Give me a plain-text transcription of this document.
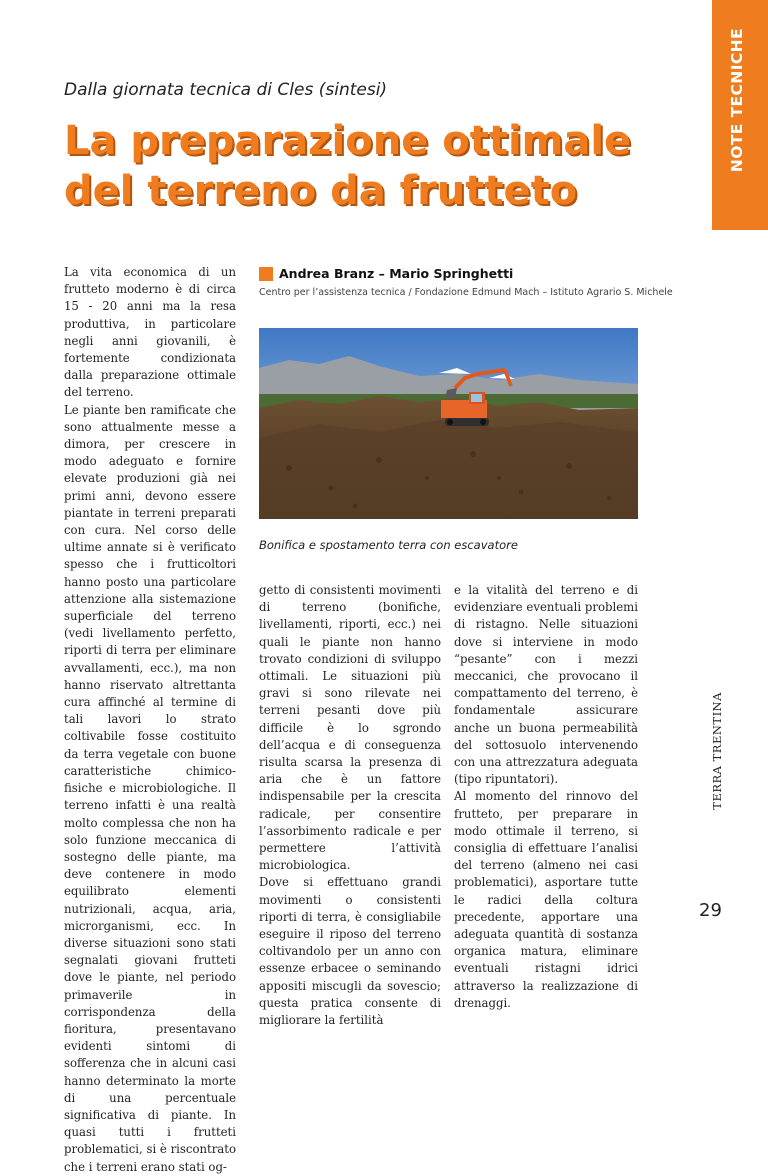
NOTE TECNICHE
Dalla giornata tecnica di Cles (sintesi)
La preparazione ottimale
del terreno da frutteto

La vita economica di un frutteto moderno è di circa 15 - 20 anni ma la resa produttiva, in particolare negli anni giovanili, è fortemente condizionata dalla preparazione ottimale del terreno.

Le piante ben ramificate che sono attualmente messe a dimora, per crescere in modo adeguato e fornire elevate produzioni già nei primi anni, devono essere piantate in terreni preparati con cura. Nel corso delle ultime annate si è verificato spesso che i frutticoltori hanno posto una particolare attenzione alla sistemazione superficiale del terreno (vedi livellamento perfetto, riporti di terra per eliminare avvallamenti, ecc.), ma non hanno riservato altrettanta cura affinché al termine di tali lavori lo strato coltivabile fosse costituito da terra vegetale con buone caratteristiche chimico-fisiche e microbiologiche. Il terreno infatti è una realtà molto complessa che non ha solo funzione meccanica di sostegno delle piante, ma deve contenere in modo equilibrato elementi nutrizionali, acqua, aria, microrganismi, ecc. In diverse situazioni sono stati segnalati giovani frutteti dove le piante, nel periodo primaverile in corrispondenza della fioritura, presentavano evidenti sintomi di sofferenza che in alcuni casi hanno determinato la morte di una percentuale significativa di piante. In quasi tutti i frutteti problematici, si è riscontrato che i terreni erano stati og-

Andrea Branz – Mario Springhetti
Centro per l’assistenza tecnica / Fondazione Edmund Mach – Istituto Agrario S. Michele
Bonifica e spostamento terra con escavatore

getto di consistenti movimenti di terreno (bonifiche, livellamenti, riporti, ecc.) nei quali le piante non hanno trovato condizioni di sviluppo ottimali. Le situazioni più gravi si sono rilevate nei terreni pesanti dove più difficile è lo sgrondo dell’acqua e di conseguenza risulta scarsa la presenza di aria che è un fattore indispensabile per la crescita radicale, per consentire l’assorbimento radicale e per permettere l’attività microbiologica.

Dove si effettuano grandi movimenti o consistenti riporti di terra, è consigliabile eseguire il riposo del terreno coltivandolo per un anno con essenze erbacee o seminando appositi miscugli da sovescio; questa pratica consente di migliorare la fertilità

e la vitalità del terreno e di evidenziare eventuali problemi di ristagno. Nelle situazioni dove si interviene in modo “pesante” con i mezzi meccanici, che provocano il compattamento del terreno, è fondamentale assicurare anche un buona permeabilità del sottosuolo intervenendo con una attrezzatura adeguata (tipo ripuntatori).

Al momento del rinnovo del frutteto, per preparare in modo ottimale il terreno, si consiglia di effettuare l’analisi del terreno (almeno nei casi problematici), asportare tutte le radici della coltura precedente, apportare una adeguata quantità di sostanza organica matura, eliminare eventuali ristagni idrici attraverso la realizzazione di drenaggi.

TERRA TRENTINA
29
